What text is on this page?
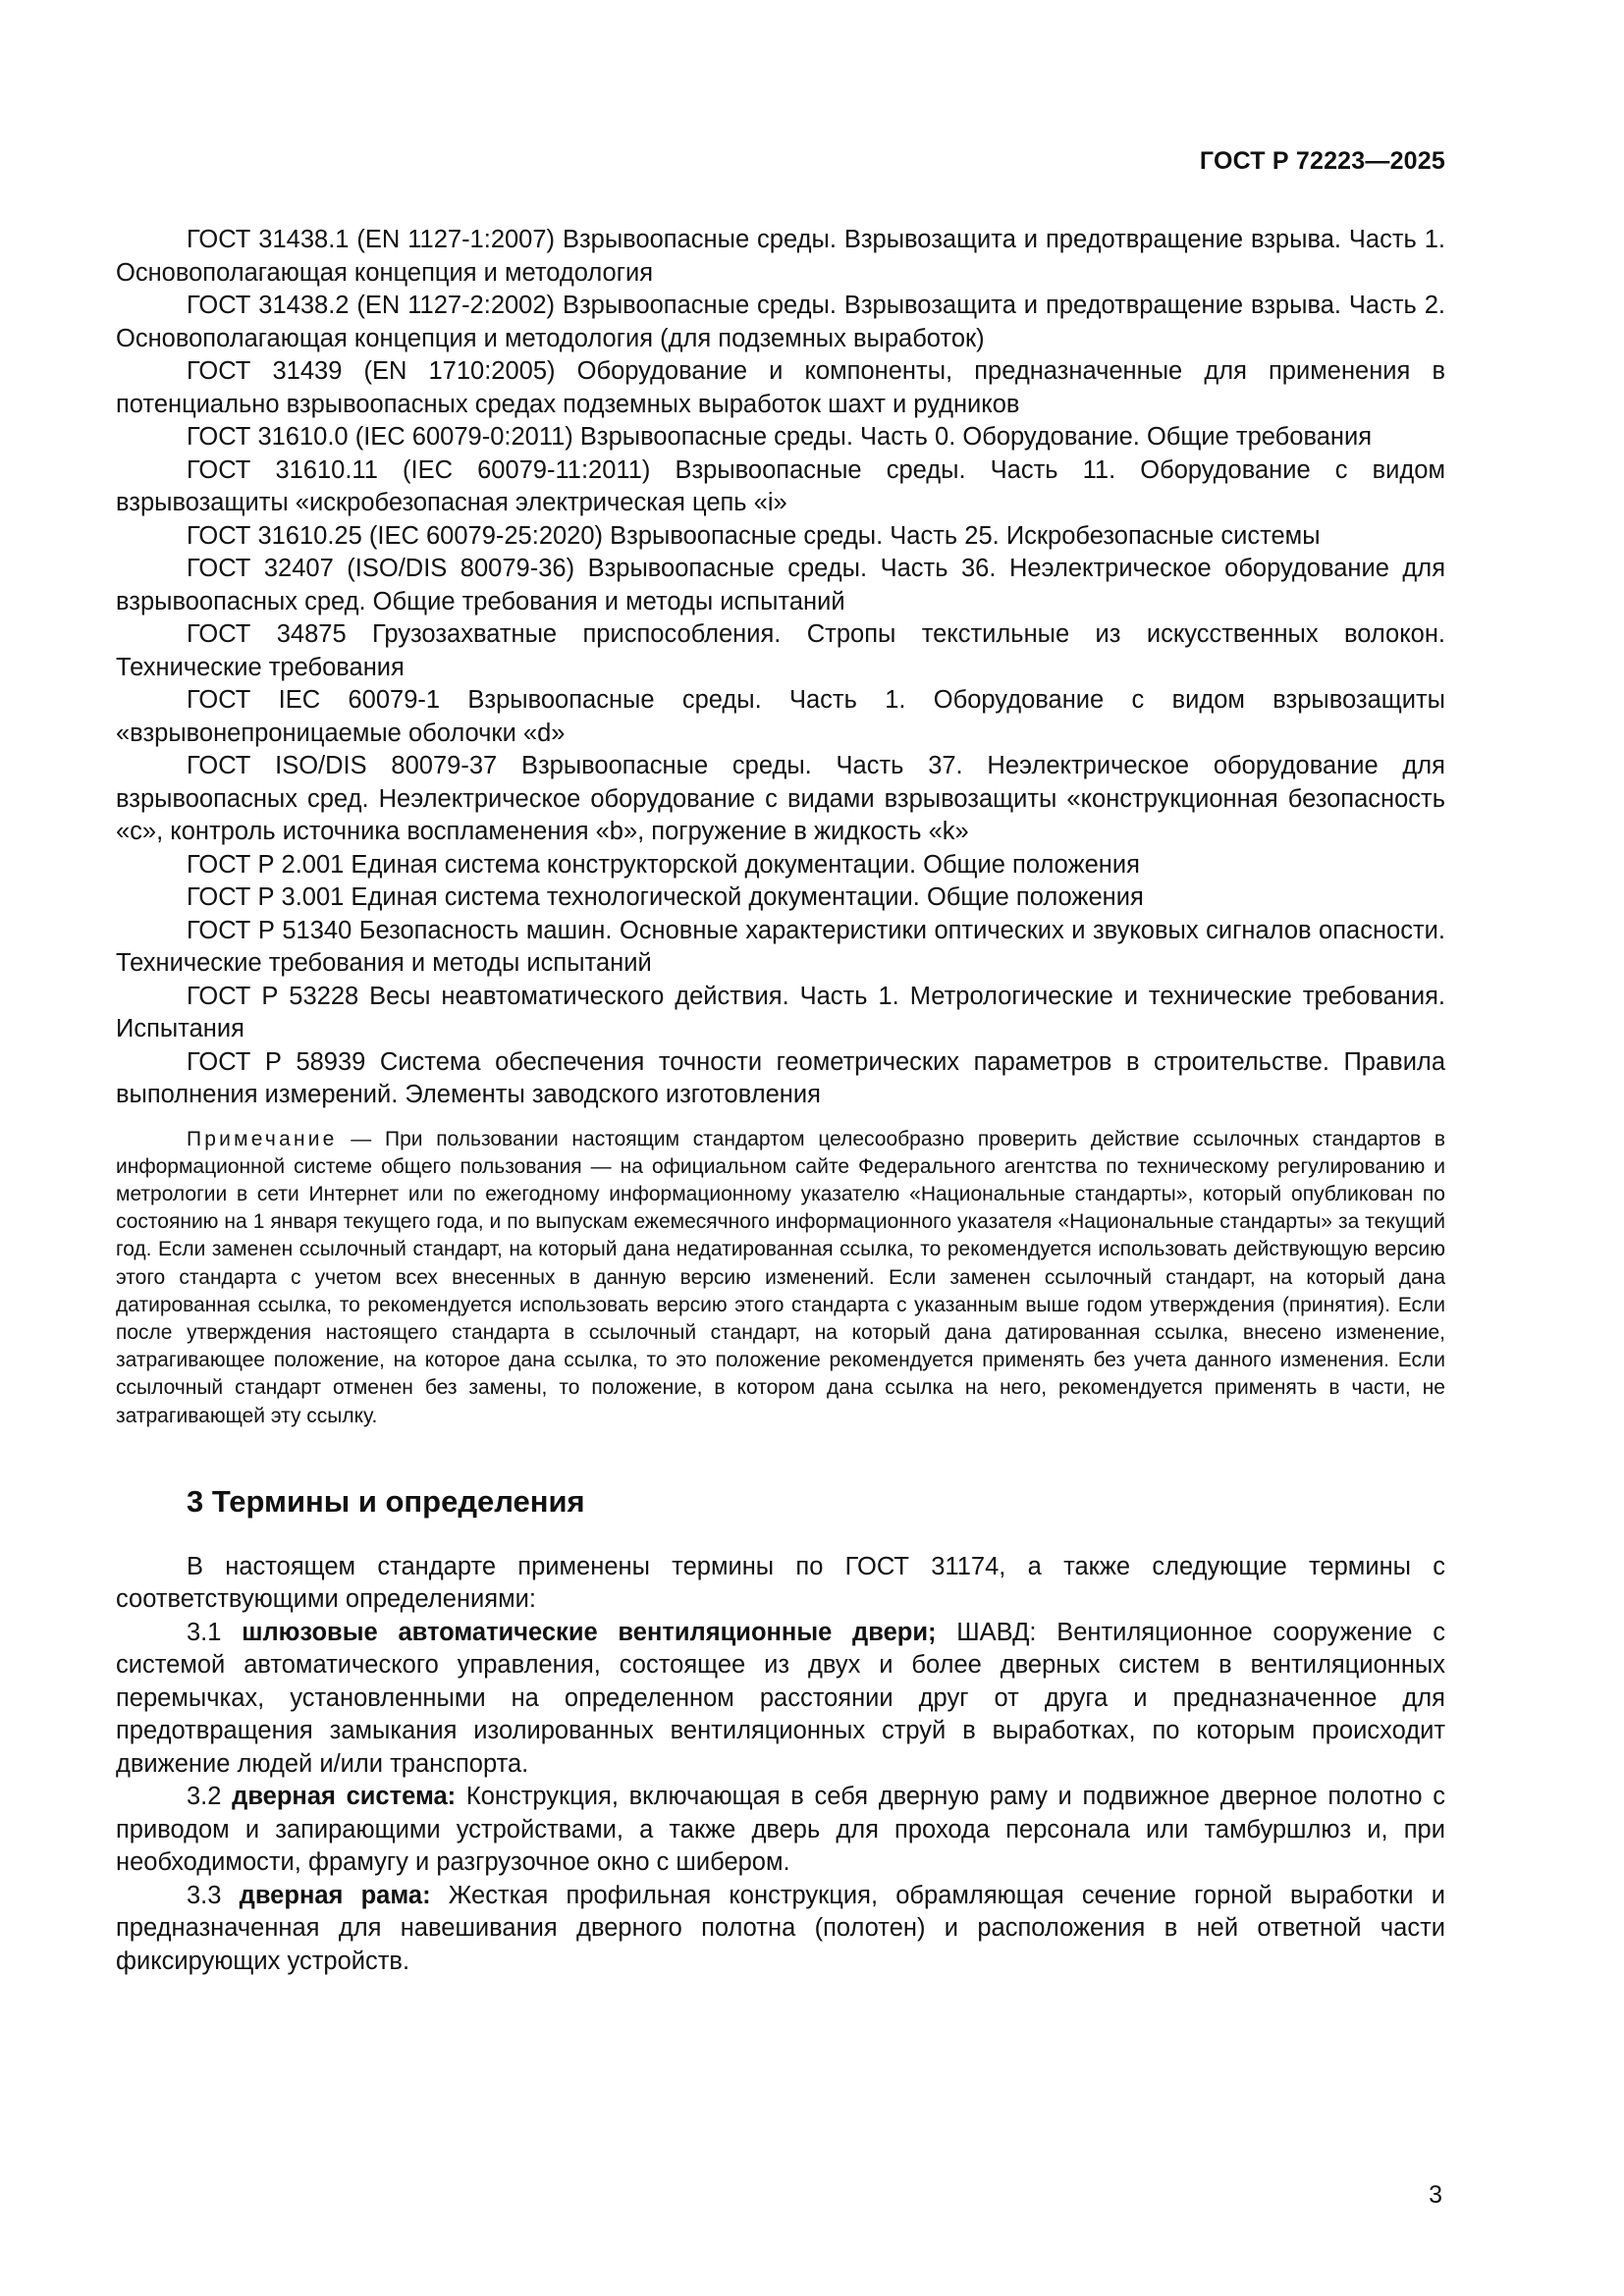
ГОСТ Р 72223—2025

ГОСТ 31438.1 (EN 1127-1:2007) Взрывоопасные среды. Взрывозащита и предотвращение взрыва. Часть 1. Основополагающая концепция и методология

ГОСТ 31438.2 (EN 1127-2:2002) Взрывоопасные среды. Взрывозащита и предотвращение взрыва. Часть 2. Основополагающая концепция и методология (для подземных выработок)

ГОСТ 31439 (EN 1710:2005) Оборудование и компоненты, предназначенные для применения в потенциально взрывоопасных средах подземных выработок шахт и рудников

ГОСТ 31610.0 (IEC 60079-0:2011) Взрывоопасные среды. Часть 0. Оборудование. Общие требования

ГОСТ 31610.11 (IEC 60079-11:2011) Взрывоопасные среды. Часть 11. Оборудование с видом взрывозащиты «искробезопасная электрическая цепь «i»

ГОСТ 31610.25 (IEC 60079-25:2020) Взрывоопасные среды. Часть 25. Искробезопасные системы

ГОСТ 32407 (ISO/DIS 80079-36) Взрывоопасные среды. Часть 36. Неэлектрическое оборудование для взрывоопасных сред. Общие требования и методы испытаний

ГОСТ 34875 Грузозахватные приспособления. Стропы текстильные из искусственных волокон. Технические требования

ГОСТ IEC 60079-1 Взрывоопасные среды. Часть 1. Оборудование с видом взрывозащиты «взрывонепроницаемые оболочки «d»

ГОСТ ISO/DIS 80079-37 Взрывоопасные среды. Часть 37. Неэлектрическое оборудование для взрывоопасных сред. Неэлектрическое оборудование с видами взрывозащиты «конструкционная безопасность «с», контроль источника воспламенения «b», погружение в жидкость «k»

ГОСТ Р 2.001 Единая система конструкторской документации. Общие положения

ГОСТ Р 3.001 Единая система технологической документации. Общие положения

ГОСТ Р 51340 Безопасность машин. Основные характеристики оптических и звуковых сигналов опасности. Технические требования и методы испытаний

ГОСТ Р 53228 Весы неавтоматического действия. Часть 1. Метрологические и технические требования. Испытания

ГОСТ Р 58939 Система обеспечения точности геометрических параметров в строительстве. Правила выполнения измерений. Элементы заводского изготовления

Примечание — При пользовании настоящим стандартом целесообразно проверить действие ссылочных стандартов в информационной системе общего пользования — на официальном сайте Федерального агентства по техническому регулированию и метрологии в сети Интернет или по ежегодному информационному указателю «Национальные стандарты», который опубликован по состоянию на 1 января текущего года, и по выпускам ежемесячного информационного указателя «Национальные стандарты» за текущий год. Если заменен ссылочный стандарт, на который дана недатированная ссылка, то рекомендуется использовать действующую версию этого стандарта с учетом всех внесенных в данную версию изменений. Если заменен ссылочный стандарт, на который дана датированная ссылка, то рекомендуется использовать версию этого стандарта с указанным выше годом утверждения (принятия). Если после утверждения настоящего стандарта в ссылочный стандарт, на который дана датированная ссылка, внесено изменение, затрагивающее положение, на которое дана ссылка, то это положение рекомендуется применять без учета данного изменения. Если ссылочный стандарт отменен без замены, то положение, в котором дана ссылка на него, рекомендуется применять в части, не затрагивающей эту ссылку.

3 Термины и определения

В настоящем стандарте применены термины по ГОСТ 31174, а также следующие термины с соответствующими определениями:

3.1 шлюзовые автоматические вентиляционные двери; ШАВД: Вентиляционное сооружение с системой автоматического управления, состоящее из двух и более дверных систем в вентиляционных перемычках, установленными на определенном расстоянии друг от друга и предназначенное для предотвращения замыкания изолированных вентиляционных струй в выработках, по которым происходит движение людей и/или транспорта.

3.2 дверная система: Конструкция, включающая в себя дверную раму и подвижное дверное полотно с приводом и запирающими устройствами, а также дверь для прохода персонала или тамбуршлюз и, при необходимости, фрамугу и разгрузочное окно с шибером.

3.3 дверная рама: Жесткая профильная конструкция, обрамляющая сечение горной выработки и предназначенная для навешивания дверного полотна (полотен) и расположения в ней ответной части фиксирующих устройств.

3
